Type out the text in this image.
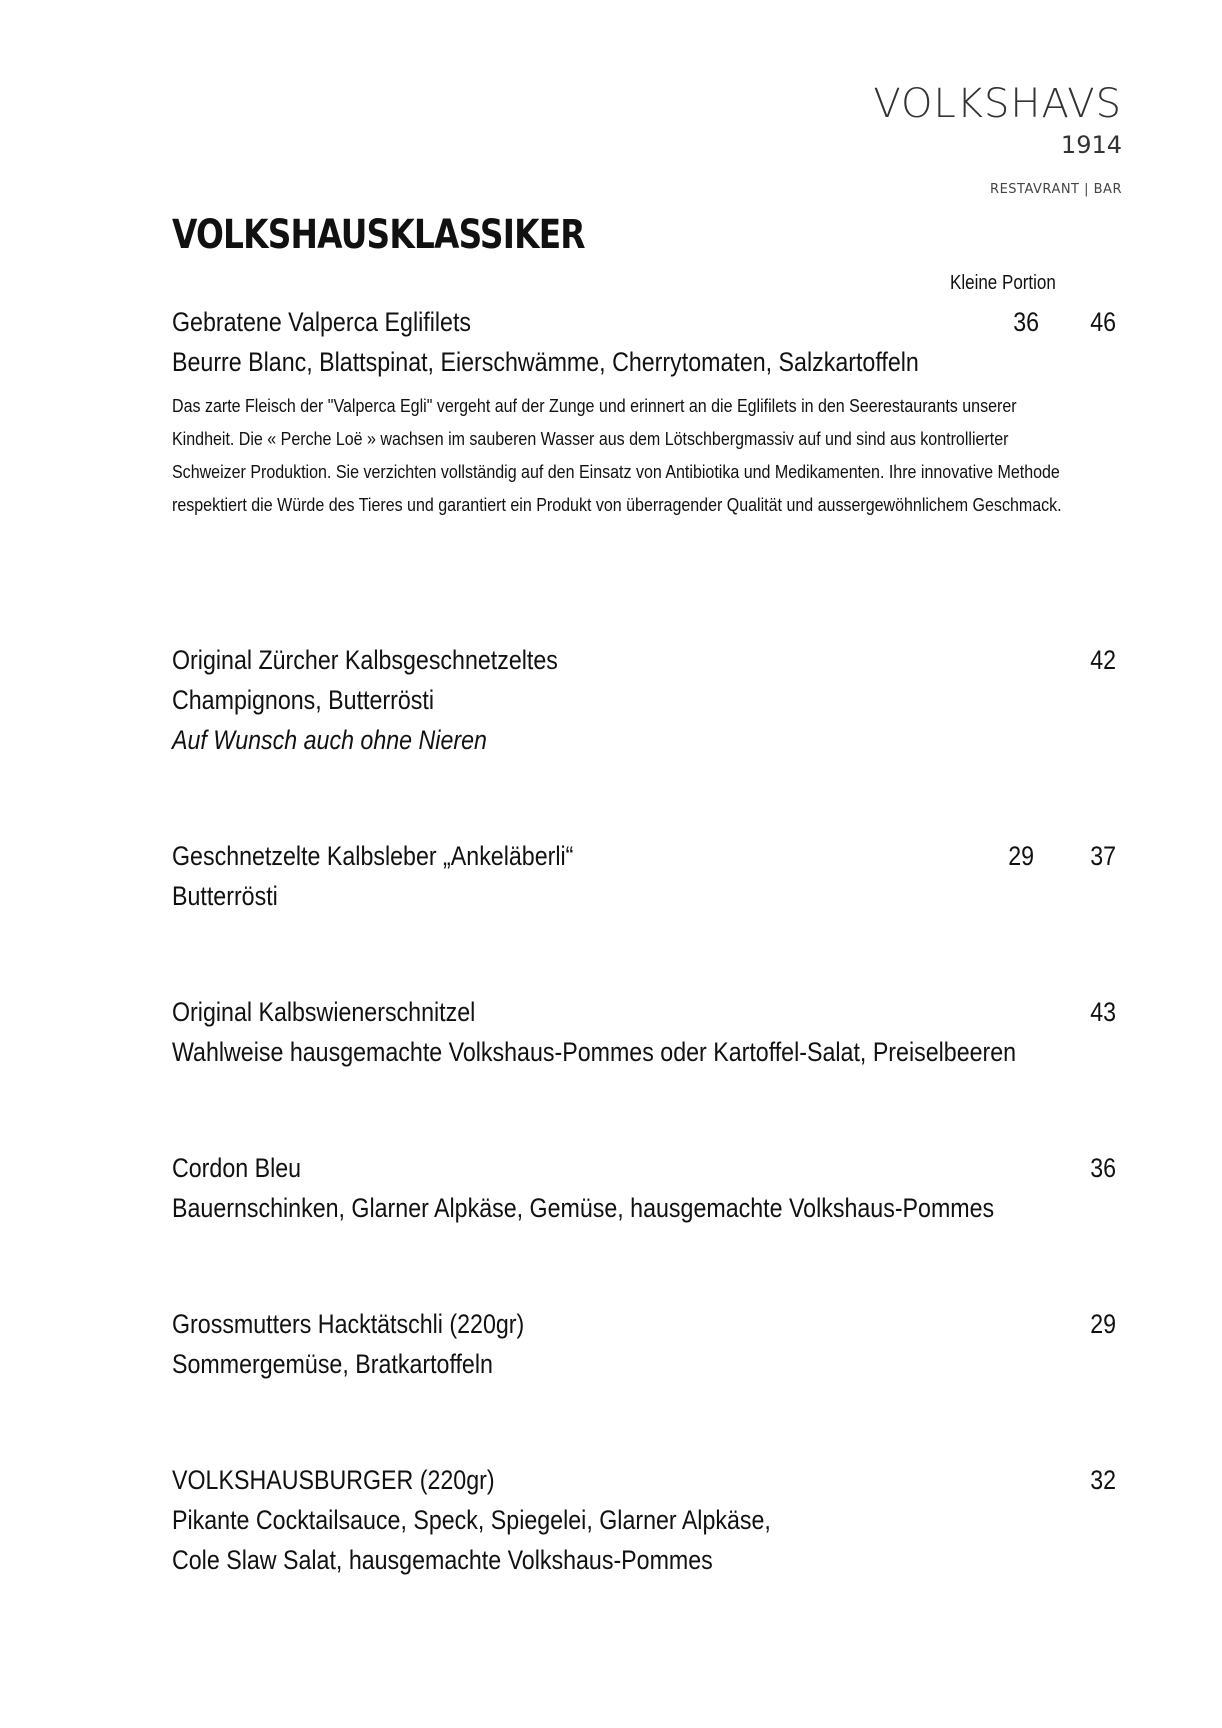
VOLKSHAVS
1914
RESTAVRANT | BAR
VOLKSHAUSKLASSIKER
Kleine Portion
Gebratene Valperca Eglifilets
Beurre Blanc, Blattspinat, Eierschwämme, Cherrytomaten, Salzkartoffeln
Das zarte Fleisch der "Valperca Egli" vergeht auf der Zunge und erinnert an die Eglifilets in den Seerestaurants unserer Kindheit. Die « Perche Loë » wachsen im sauberen Wasser aus dem Lötschbergmassiv auf und sind aus kontrollierter Schweizer Produktion. Sie verzichten vollständig auf den Einsatz von Antibiotika und Medikamenten. Ihre innovative Methode respektiert die Würde des Tieres und garantiert ein Produkt von überragender Qualität und aussergewöhnlichem Geschmack.
36 46
Original Zürcher Kalbsgeschnetzeltes
Champignons, Butterrösti
Auf Wunsch auch ohne Nieren
42
Geschnetzelte Kalbsleber „Ankeläberli“
Butterrösti
29 37
Original Kalbswienerschnitzel
Wahlweise hausgemachte Volkshaus-Pommes oder Kartoffel-Salat, Preiselbeeren
43
Cordon Bleu
Bauernschinken, Glarner Alpkäse, Gemüse, hausgemachte Volkshaus-Pommes
36
Grossmutters Hacktätschli (220gr)
Sommergemüse, Bratkartoffeln
29
VOLKSHAUSBURGER (220gr)
Pikante Cocktailsauce, Speck, Spiegelei, Glarner Alpkäse,
Cole Slaw Salat, hausgemachte Volkshaus-Pommes
32
